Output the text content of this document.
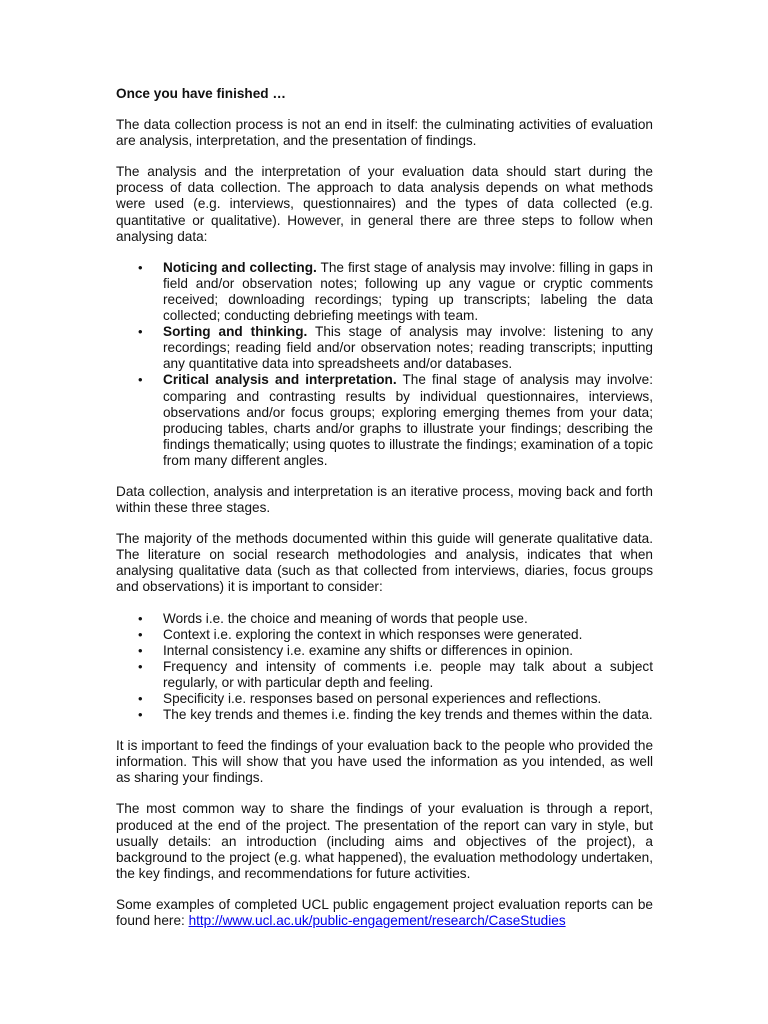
Once you have finished …

The data collection process is not an end in itself: the culminating activities of evaluation are analysis, interpretation, and the presentation of findings.

The analysis and the interpretation of your evaluation data should start during the process of data collection. The approach to data analysis depends on what methods were used (e.g. interviews, questionnaires) and the types of data collected (e.g. quantitative or qualitative). However, in general there are three steps to follow when analysing data:

• Noticing and collecting. The first stage of analysis may involve: filling in gaps in field and/or observation notes; following up any vague or cryptic comments received; downloading recordings; typing up transcripts; labeling the data collected; conducting debriefing meetings with team.
• Sorting and thinking. This stage of analysis may involve: listening to any recordings; reading field and/or observation notes; reading transcripts; inputting any quantitative data into spreadsheets and/or databases.
• Critical analysis and interpretation. The final stage of analysis may involve: comparing and contrasting results by individual questionnaires, interviews, observations and/or focus groups; exploring emerging themes from your data; producing tables, charts and/or graphs to illustrate your findings; describing the findings thematically; using quotes to illustrate the findings; examination of a topic from many different angles.

Data collection, analysis and interpretation is an iterative process, moving back and forth within these three stages.

The majority of the methods documented within this guide will generate qualitative data. The literature on social research methodologies and analysis, indicates that when analysing qualitative data (such as that collected from interviews, diaries, focus groups and observations) it is important to consider:

• Words i.e. the choice and meaning of words that people use.
• Context i.e. exploring the context in which responses were generated.
• Internal consistency i.e. examine any shifts or differences in opinion.
• Frequency and intensity of comments i.e. people may talk about a subject regularly, or with particular depth and feeling.
• Specificity i.e. responses based on personal experiences and reflections.
• The key trends and themes i.e. finding the key trends and themes within the data.

It is important to feed the findings of your evaluation back to the people who provided the information. This will show that you have used the information as you intended, as well as sharing your findings.

The most common way to share the findings of your evaluation is through a report, produced at the end of the project. The presentation of the report can vary in style, but usually details: an introduction (including aims and objectives of the project), a background to the project (e.g. what happened), the evaluation methodology undertaken, the key findings, and recommendations for future activities.

Some examples of completed UCL public engagement project evaluation reports can be found here: http://www.ucl.ac.uk/public-engagement/research/CaseStudies
